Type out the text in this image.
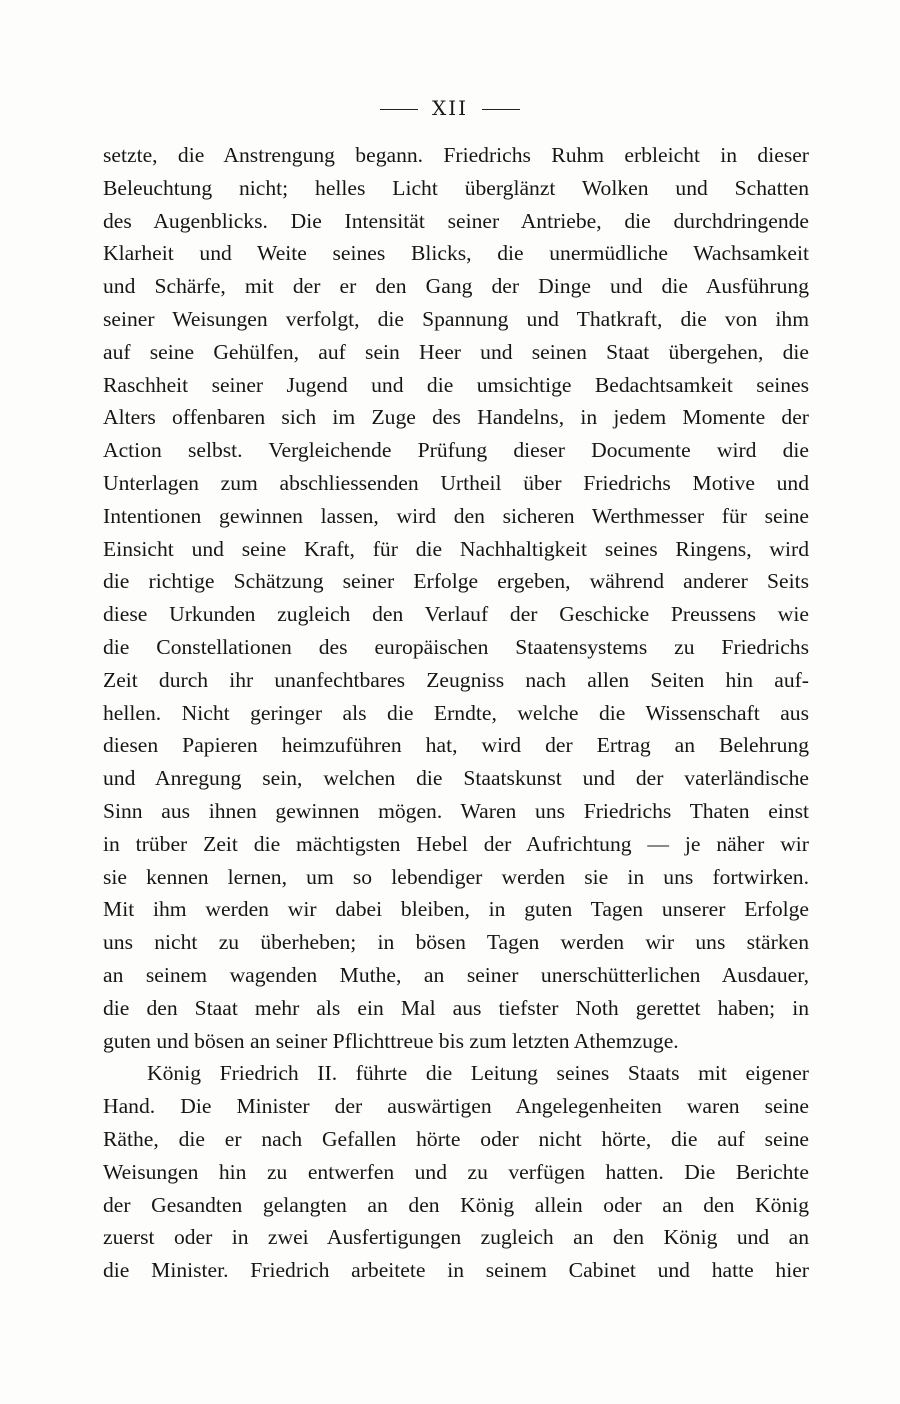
XII
setzte, die Anstrengung begann. Friedrichs Ruhm erbleicht in dieser
Beleuchtung nicht; helles Licht überglänzt Wolken und Schatten
des Augenblicks. Die Intensität seiner Antriebe, die durchdringende
Klarheit und Weite seines Blicks, die unermüdliche Wachsamkeit
und Schärfe, mit der er den Gang der Dinge und die Ausführung
seiner Weisungen verfolgt, die Spannung und Thatkraft, die von ihm
auf seine Gehülfen, auf sein Heer und seinen Staat übergehen, die
Raschheit seiner Jugend und die umsichtige Bedachtsamkeit seines
Alters offenbaren sich im Zuge des Handelns, in jedem Momente der
Action selbst. Vergleichende Prüfung dieser Documente wird die
Unterlagen zum abschliessenden Urtheil über Friedrichs Motive und
Intentionen gewinnen lassen, wird den sicheren Werthmesser für seine
Einsicht und seine Kraft, für die Nachhaltigkeit seines Ringens, wird
die richtige Schätzung seiner Erfolge ergeben, während anderer Seits
diese Urkunden zugleich den Verlauf der Geschicke Preussens wie
die Constellationen des europäischen Staatensystems zu Friedrichs
Zeit durch ihr unanfechtbares Zeugniss nach allen Seiten hin auf-
hellen. Nicht geringer als die Erndte, welche die Wissenschaft aus
diesen Papieren heimzuführen hat, wird der Ertrag an Belehrung
und Anregung sein, welchen die Staatskunst und der vaterländische
Sinn aus ihnen gewinnen mögen. Waren uns Friedrichs Thaten einst
in trüber Zeit die mächtigsten Hebel der Aufrichtung — je näher wir
sie kennen lernen, um so lebendiger werden sie in uns fortwirken.
Mit ihm werden wir dabei bleiben, in guten Tagen unserer Erfolge
uns nicht zu überheben; in bösen Tagen werden wir uns stärken
an seinem wagenden Muthe, an seiner unerschütterlichen Ausdauer,
die den Staat mehr als ein Mal aus tiefster Noth gerettet haben; in
guten und bösen an seiner Pflichttreue bis zum letzten Athemzuge.
König Friedrich II. führte die Leitung seines Staats mit eigener
Hand. Die Minister der auswärtigen Angelegenheiten waren seine
Räthe, die er nach Gefallen hörte oder nicht hörte, die auf seine
Weisungen hin zu entwerfen und zu verfügen hatten. Die Berichte
der Gesandten gelangten an den König allein oder an den König
zuerst oder in zwei Ausfertigungen zugleich an den König und an
die Minister. Friedrich arbeitete in seinem Cabinet und hatte hier
